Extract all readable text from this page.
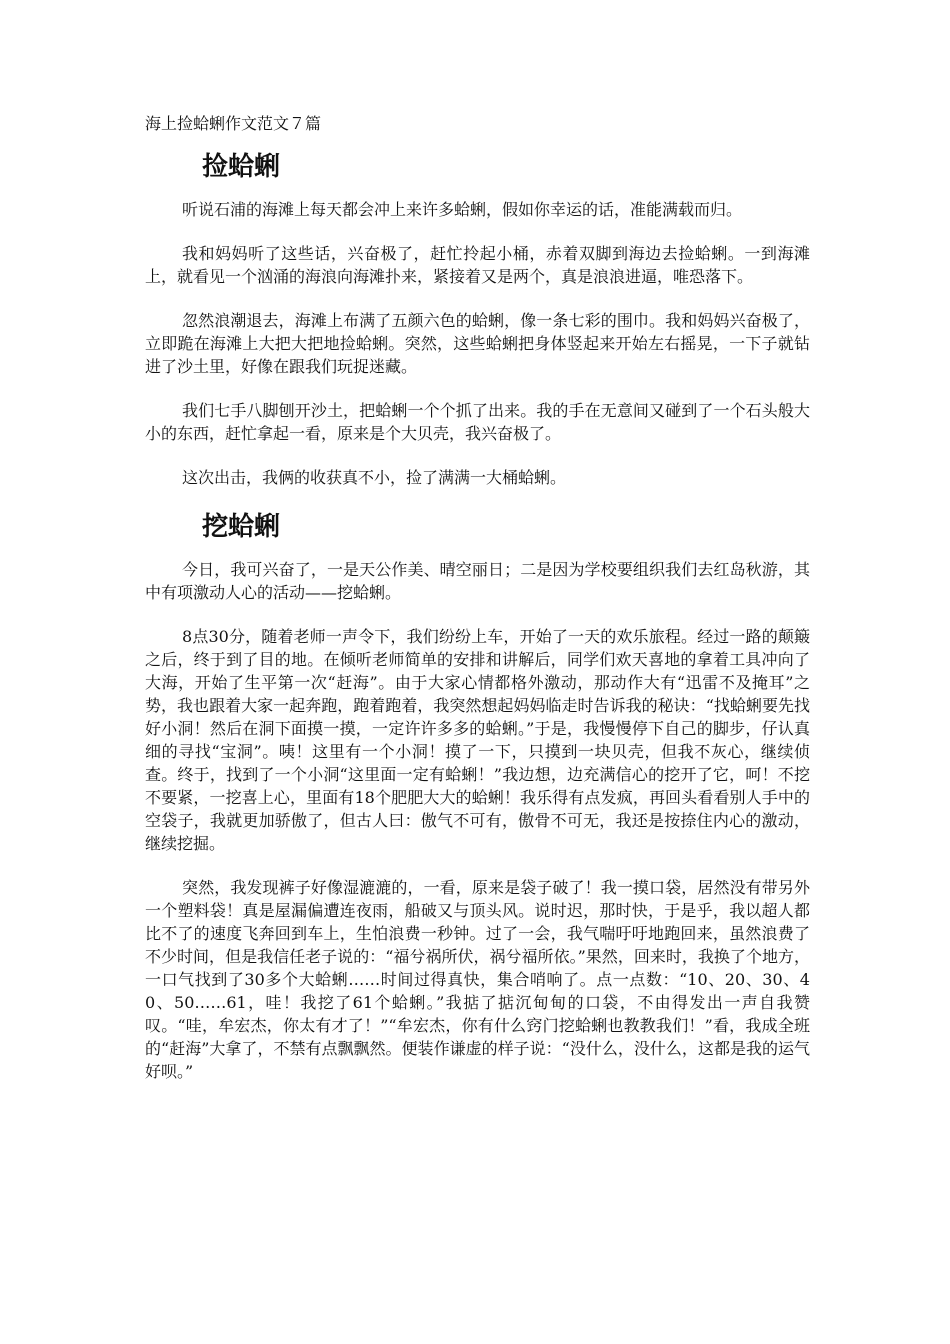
海上捡蛤蜊作文范文７篇
捡蛤蜊

听说石浦的海滩上每天都会冲上来许多蛤蜊，假如你幸运的话，准能满载而归。

我和妈妈听了这些话，兴奋极了，赶忙拎起小桶，赤着双脚到海边去捡蛤蜊。一到海滩上，就看见一个汹涌的海浪向海滩扑来，紧接着又是两个，真是浪浪进逼，唯恐落下。

忽然浪潮退去，海滩上布满了五颜六色的蛤蜊，像一条七彩的围巾。我和妈妈兴奋极了，立即跪在海滩上大把大把地捡蛤蜊。突然，这些蛤蜊把身体竖起来开始左右摇晃，一下子就钻进了沙土里，好像在跟我们玩捉迷藏。

我们七手八脚刨开沙土，把蛤蜊一个个抓了出来。我的手在无意间又碰到了一个石头般大小的东西，赶忙拿起一看，原来是个大贝壳，我兴奋极了。

这次出击，我俩的收获真不小，捡了满满一大桶蛤蜊。

挖蛤蜊

今日，我可兴奋了，一是天公作美、晴空丽日；二是因为学校要组织我们去红岛秋游，其中有项激动人心的活动——挖蛤蜊。

8点30分，随着老师一声令下，我们纷纷上车，开始了一天的欢乐旅程。经过一路的颠簸之后，终于到了目的地。在倾听老师简单的安排和讲解后，同学们欢天喜地的拿着工具冲向了大海，开始了生平第一次“赶海”。由于大家心情都格外激动，那动作大有“迅雷不及掩耳”之势，我也跟着大家一起奔跑，跑着跑着，我突然想起妈妈临走时告诉我的秘诀：“找蛤蜊要先找好小洞！然后在洞下面摸一摸，一定许许多多的蛤蜊。”于是，我慢慢停下自己的脚步，仔认真细的寻找“宝洞”。咦！这里有一个小洞！摸了一下，只摸到一块贝壳，但我不灰心，继续侦查。终于，找到了一个小洞“这里面一定有蛤蜊！”我边想，边充满信心的挖开了它，呵！不挖不要紧，一挖喜上心，里面有18个肥肥大大的蛤蜊！我乐得有点发疯，再回头看看别人手中的空袋子，我就更加骄傲了，但古人曰：傲气不可有，傲骨不可无，我还是按捺住内心的激动，继续挖掘。

突然，我发现裤子好像湿漉漉的，一看，原来是袋子破了！我一摸口袋，居然没有带另外一个塑料袋！真是屋漏偏遭连夜雨，船破又与顶头风。说时迟，那时快，于是乎，我以超人都比不了的速度飞奔回到车上，生怕浪费一秒钟。过了一会，我气喘吁吁地跑回来，虽然浪费了不少时间，但是我信任老子说的：“福兮祸所伏，祸兮福所依。”果然，回来时，我换了个地方，一口气找到了30多个大蛤蜊……时间过得真快，集合哨响了。点一点数：“10、20、30、40、50……61，哇！我挖了61个蛤蜊。”我掂了掂沉甸甸的口袋，不由得发出一声自我赞叹。“哇，牟宏杰，你太有才了！”“牟宏杰，你有什么窍门挖蛤蜊也教教我们！”看，我成全班的“赶海”大拿了，不禁有点飘飘然。便装作谦虚的样子说：“没什么，没什么，这都是我的运气好呗。”
